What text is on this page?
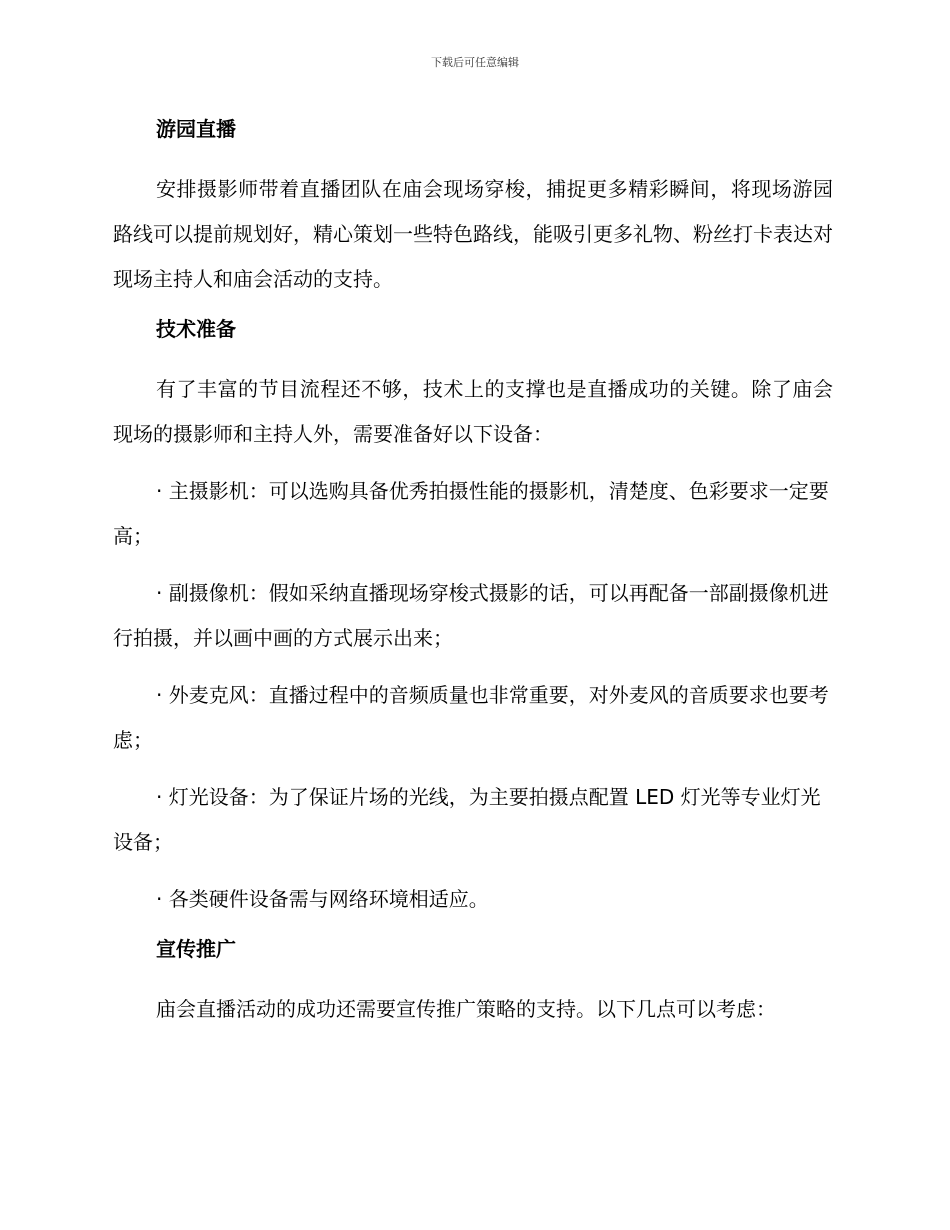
下载后可任意编辑
游园直播

安排摄影师带着直播团队在庙会现场穿梭，捕捉更多精彩瞬间，将现场游园路线可以提前规划好，精心策划一些特色路线，能吸引更多礼物、粉丝打卡表达对现场主持人和庙会活动的支持。

技术准备

有了丰富的节目流程还不够，技术上的支撑也是直播成功的关键。除了庙会现场的摄影师和主持人外，需要准备好以下设备：

· 主摄影机：可以选购具备优秀拍摄性能的摄影机，清楚度、色彩要求一定要高；

· 副摄像机：假如采纳直播现场穿梭式摄影的话，可以再配备一部副摄像机进行拍摄，并以画中画的方式展示出来；

· 外麦克风：直播过程中的音频质量也非常重要，对外麦风的音质要求也要考虑；

· 灯光设备：为了保证片场的光线，为主要拍摄点配置 LED 灯光等专业灯光设备；

· 各类硬件设备需与网络环境相适应。

宣传推广

庙会直播活动的成功还需要宣传推广策略的支持。以下几点可以考虑：
